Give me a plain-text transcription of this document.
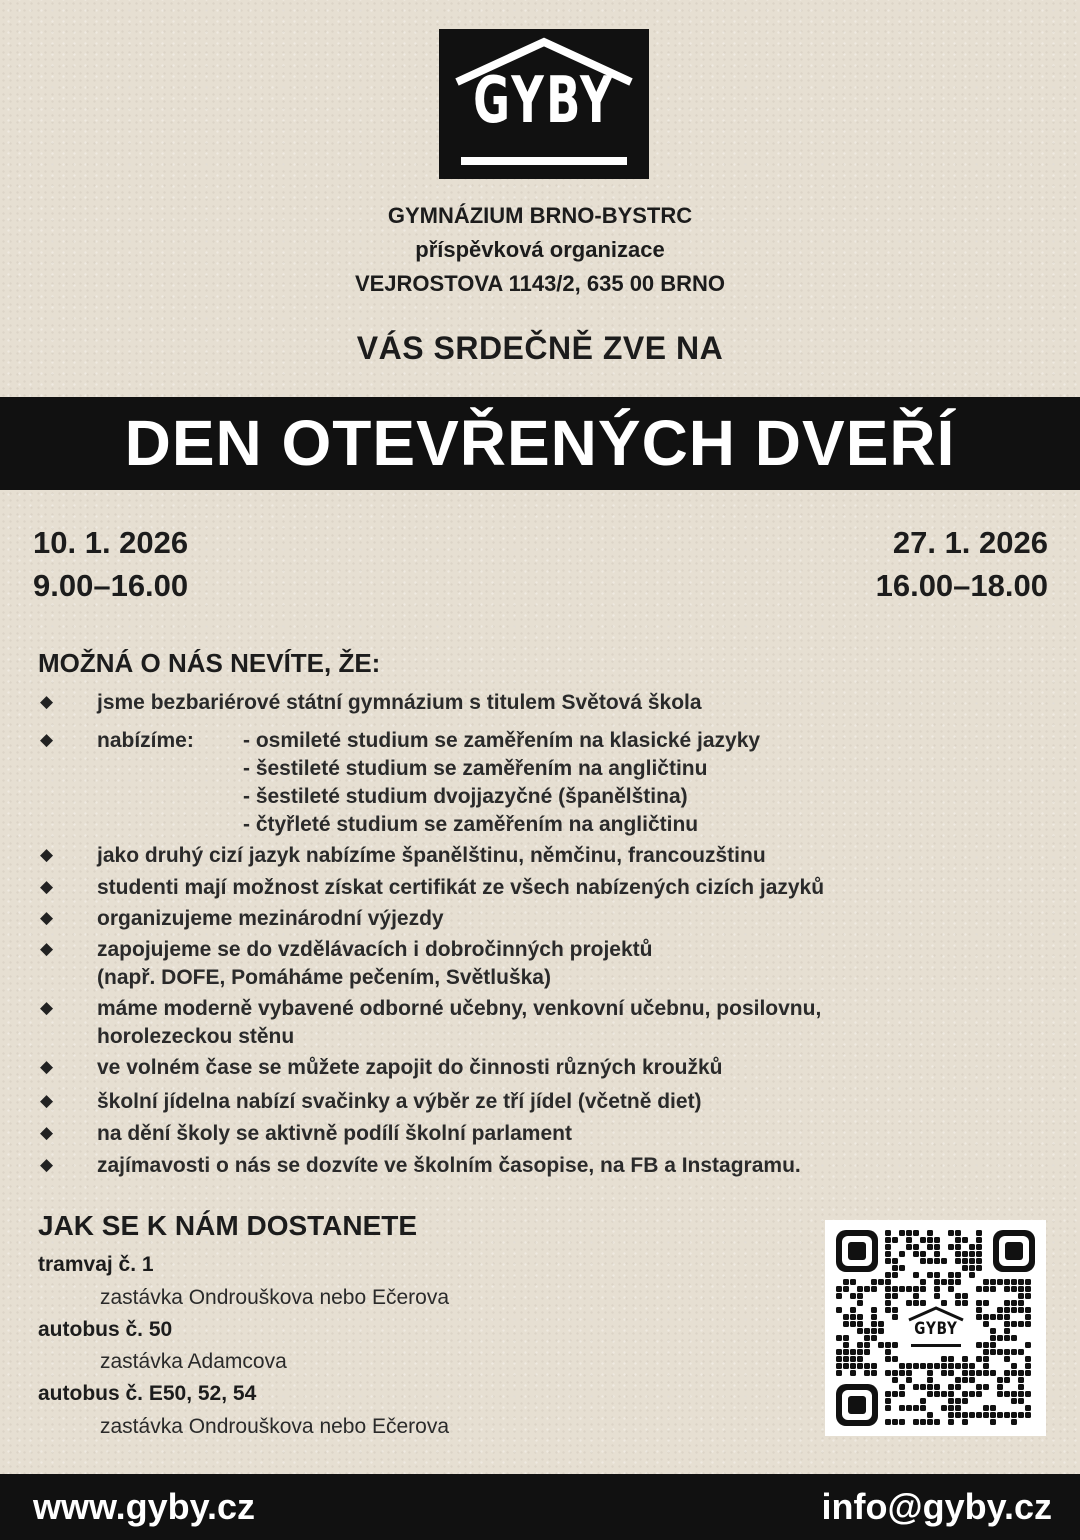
GYBY
GYMNÁZIUM BRNO-BYSTRC
příspěvková organizace
VEJROSTOVA 1143/2, 635 00 BRNO
VÁS SRDEČNĚ ZVE NA
DEN OTEVŘENÝCH DVEŘÍ
10. 1. 2026
9.00–16.00
27. 1. 2026
16.00–18.00
MOŽNÁ O NÁS NEVÍTE, ŽE:
◆ jsme bezbariérové státní gymnázium s titulem Světová škola
◆ nabízíme:	- osmileté studium se zaměřením na klasické jazyky
- šestileté studium se zaměřením na angličtinu
- šestileté studium dvojjazyčné (španělština)
- čtyřleté studium se zaměřením na angličtinu
◆ jako druhý cizí jazyk nabízíme španělštinu, němčinu, francouzštinu
◆ studenti mají možnost získat certifikát ze všech nabízených cizích jazyků
◆ organizujeme mezinárodní výjezdy
◆ zapojujeme se do vzdělávacích i dobročinných projektů
(např. DOFE, Pomáháme pečením, Světluška)
◆ máme moderně vybavené odborné učebny, venkovní učebnu, posilovnu,
horolezeckou stěnu
◆ ve volném čase se můžete zapojit do činnosti různých kroužků
◆ školní jídelna nabízí svačinky a výběr ze tří jídel (včetně diet)
◆ na dění školy se aktivně podílí školní parlament
◆ zajímavosti o nás se dozvíte ve školním časopise, na FB a Instagramu.
JAK SE K NÁM DOSTANETE
tramvaj č. 1
zastávka Ondrouškova nebo Ečerova
autobus č. 50
zastávka Adamcova
autobus č. E50, 52, 54
zastávka Ondrouškova nebo Ečerova
GYBY
www.gyby.cz	info@gyby.cz
